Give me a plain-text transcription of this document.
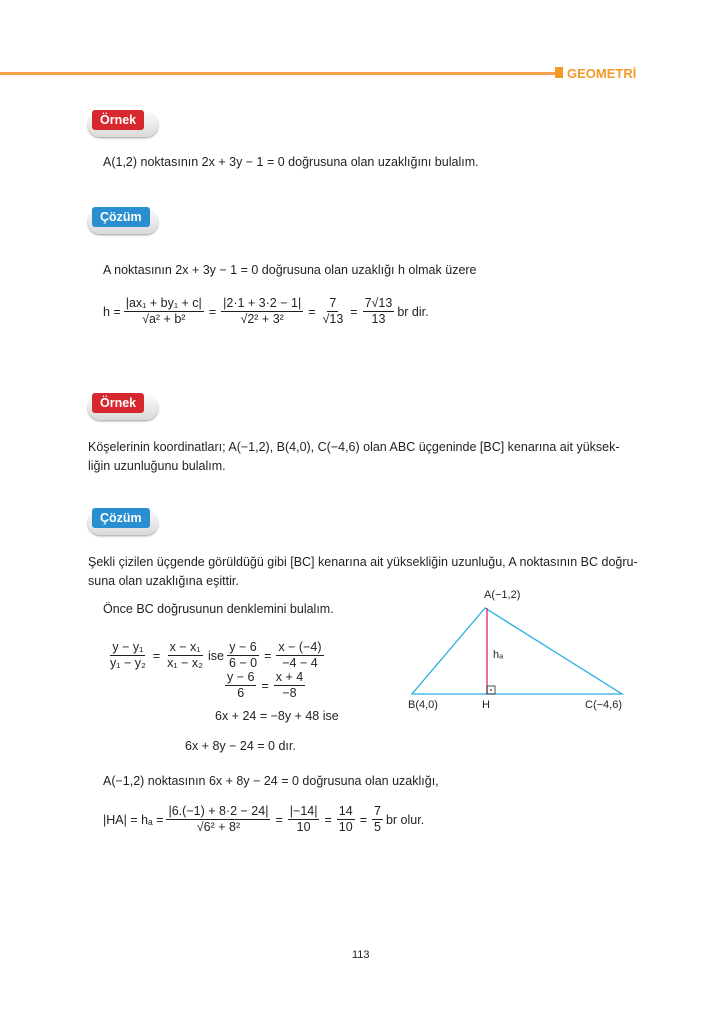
GEOMETRİ
Örnek
A(1,2) noktasının 2x + 3y − 1 = 0 doğrusuna olan uzaklığını bulalım.
Çözüm
A noktasının 2x + 3y − 1 = 0 doğrusuna olan uzaklığı h olmak üzere
$h = \frac{\text{|ax₁ + by₁ + c|}}{\text{√a² + b²}} = \frac{|2\cdot 1 + 3\cdot 2 - 1|}{\text{√2² + 3²}} = \frac{7}{√13} = \frac{7√13}{13}$ br dir.
Örnek
Köşelerinin koordinatları; A(−1,2), B(4,0), C(−4,6) olan ABC üçgeninde [BC] kenarına ait yüksek-
liğin uzunluğunu bulalım.
Çözüm
Şekli çizilen üçgende görüldüğü gibi [BC] kenarına ait yüksekliğin uzunluğu, A noktasının BC doğru-
suna olan uzaklığına eşittir.
Önce BC doğrusunun denklemini bulalım.
$\frac{\text{y − y₁}}{\text{y₁ − y₂}} = \frac{\text{x − x₁}}{\text{x₁ − x₂}}$ ise $\frac{y - 6}{6 - 0} = \frac{x - (-4)}{-4 - 4}$
$\frac{y - 6}{6} = \frac{x + 4}{-8}$
6x + 24 = −8y + 48 ise
6x + 8y − 24 = 0 dır.
A(−1,2)
B(4,0)	C(−4,6)
H
hₐ
A(−1,2) noktasının 6x + 8y − 24 = 0 doğrusuna olan uzaklığı,
$|HA| = h_a = \frac{|6.(-1) + 8\cdot 2 - 24|}{\text{√6² + 8²}} = \frac{|-14|}{10} = \frac{14}{10} = \frac{7}{5}$ br olur.
113
